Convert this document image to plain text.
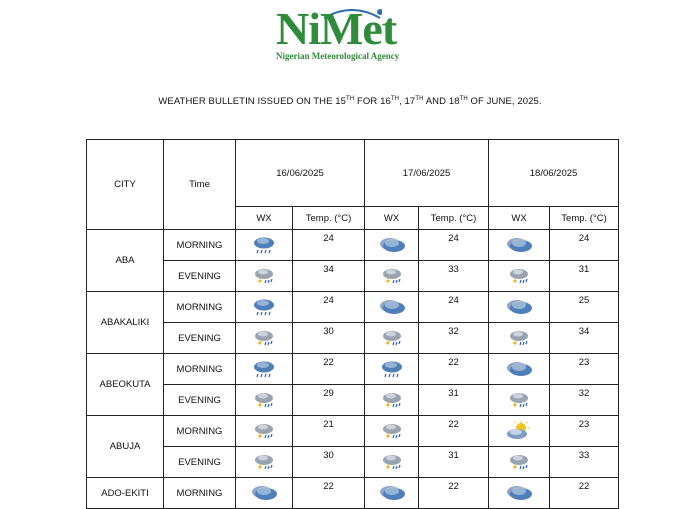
NiMet
Nigerian Meteorological Agency
WEATHER BULLETIN ISSUED ON THE 15TH FOR 16TH, 17TH AND 18TH OF JUNE, 2025.
CITY	Time	16/06/2025		17/06/2025		18/06/2025	
		WX	Temp. (°C)	WX	Temp. (°C)	WX	Temp. (°C)
ABA	MORNING		24		24		24
	EVENING		34		33		31
ABAKALIKI	MORNING		24		24		25
	EVENING		30		32		34
ABEOKUTA	MORNING		22		22		23
	EVENING		29		31		32
ABUJA	MORNING		21		22		23
	EVENING		30		31		33
ADO-EKITI	MORNING		22		22		22
